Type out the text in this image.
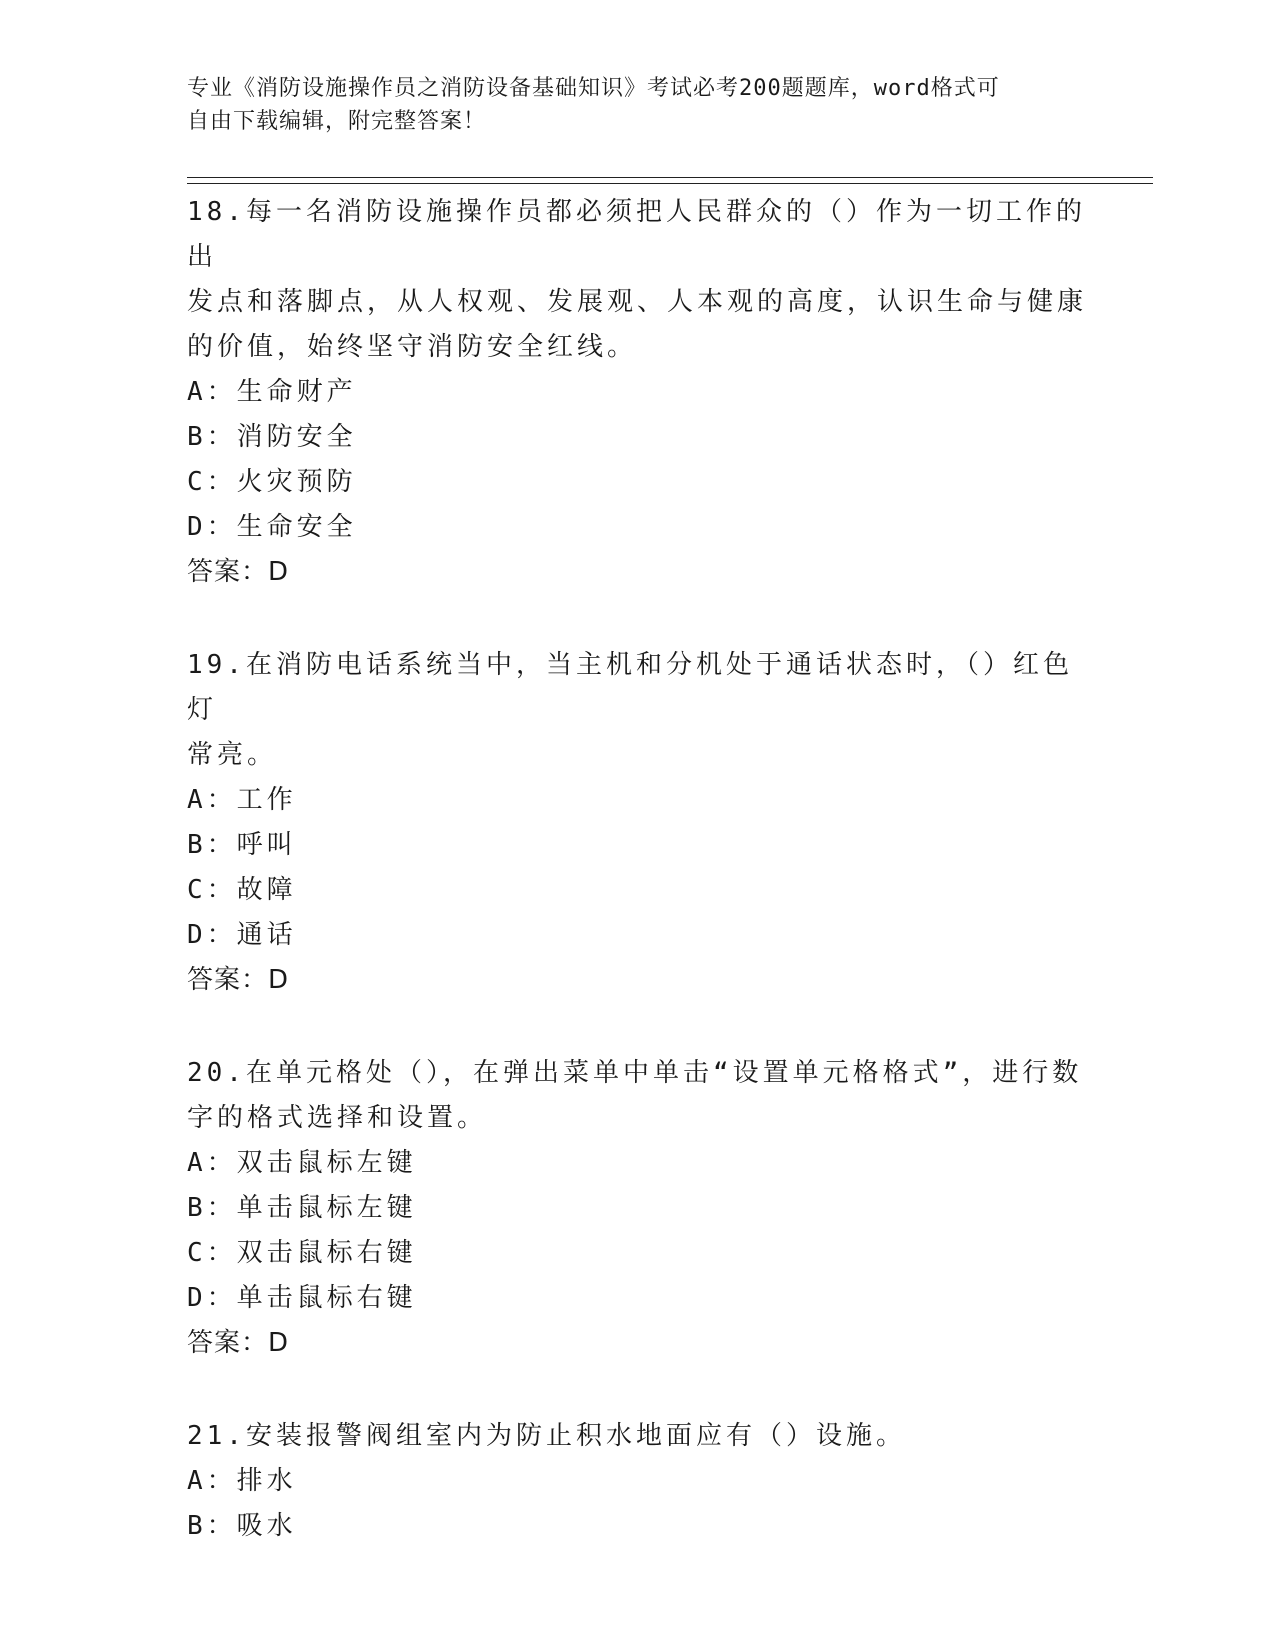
专业《消防设施操作员之消防设备基础知识》考试必考200题题库，word格式可
自由下载编辑，附完整答案！
18.每一名消防设施操作员都必须把人民群众的（）作为一切工作的出
发点和落脚点，从人权观、发展观、人本观的高度，认识生命与健康
的价值，始终坚守消防安全红线。
A：生命财产
B：消防安全
C：火灾预防
D：生命安全
答案：D
19.在消防电话系统当中，当主机和分机处于通话状态时，（）红色灯
常亮。
A：工作
B：呼叫
C：故障
D：通话
答案：D
20.在单元格处（），在弹出菜单中单击“设置单元格格式”，进行数
字的格式选择和设置。
A：双击鼠标左键
B：单击鼠标左键
C：双击鼠标右键
D：单击鼠标右键
答案：D
21.安装报警阀组室内为防止积水地面应有（）设施。
A：排水
B：吸水
